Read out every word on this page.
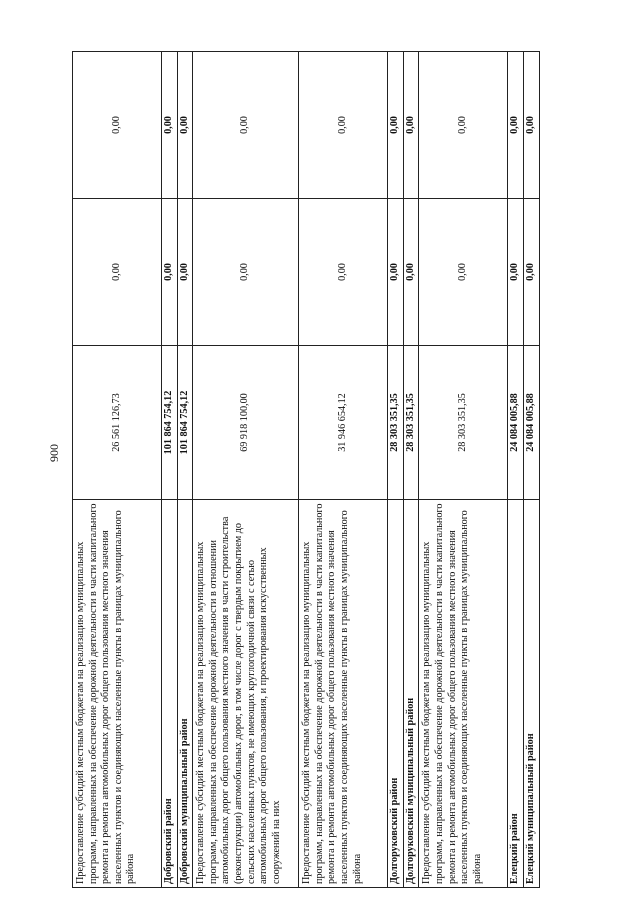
900
Предоставление субсидий местным бюджетам на реализацию муниципальных программ, направленных на обеспечение дорожной деятельности в части капитального ремонта и ремонта автомобильных дорог общего пользования местного значения населенных пунктов и соединяющих населенные пункты в границах муниципального района	26 561 126,73	0,00	0,00
Добровский район	101 864 754,12	0,00	0,00
Добровский муниципальный район	101 864 754,12	0,00	0,00
Предоставление субсидий местным бюджетам на реализацию муниципальных программ, направленных на обеспечение дорожной деятельности в отношении автомобильных дорог общего пользования местного значения в части строительства (реконструкции) автомобильных дорог, в том числе дорог с твердым покрытием до сельских населенных пунктов, не имеющих круглогодичной связи с сетью автомобильных дорог общего пользования, и проектирования искусственных сооружений на них	69 918 100,00	0,00	0,00
Предоставление субсидий местным бюджетам на реализацию муниципальных программ, направленных на обеспечение дорожной деятельности в части капитального ремонта и ремонта автомобильных дорог общего пользования местного значения населенных пунктов и соединяющих населенные пункты в границах муниципального района	31 946 654,12	0,00	0,00
Долгоруковский район	28 303 351,35	0,00	0,00
Долгоруковский муниципальный район	28 303 351,35	0,00	0,00
Предоставление субсидий местным бюджетам на реализацию муниципальных программ, направленных на обеспечение дорожной деятельности в части капитального ремонта и ремонта автомобильных дорог общего пользования местного значения населенных пунктов и соединяющих населенные пункты в границах муниципального района	28 303 351,35	0,00	0,00
Елецкий район	24 084 005,88	0,00	0,00
Елецкий муниципальный район	24 084 005,88	0,00	0,00
